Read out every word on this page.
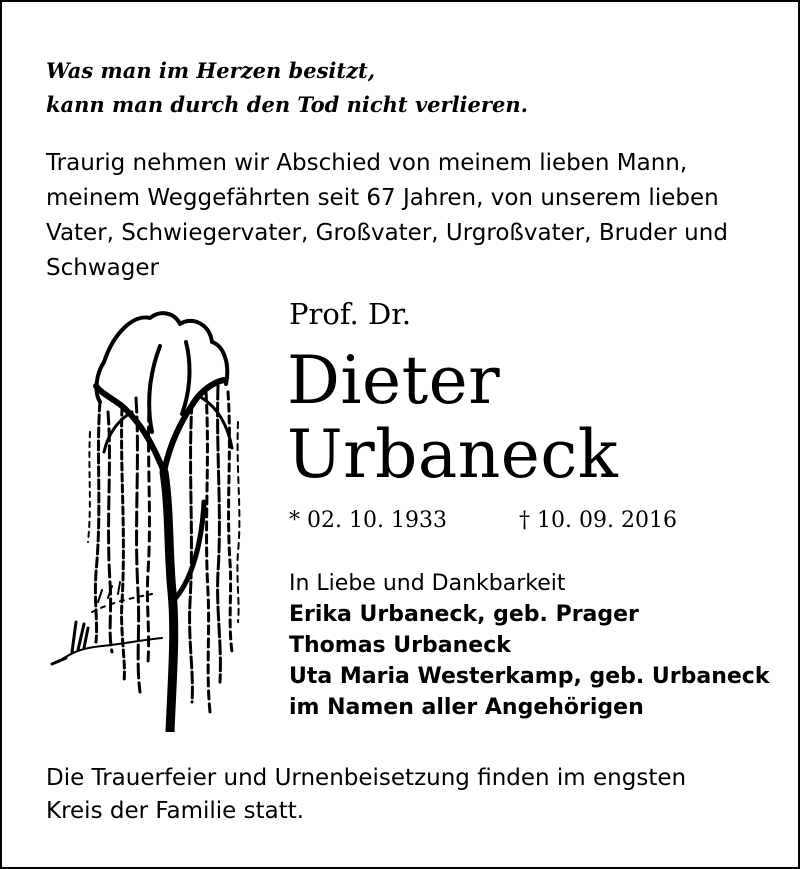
Was man im Herzen besitzt,
kann man durch den Tod nicht verlieren.
Traurig nehmen wir Abschied von meinem lieben Mann,
meinem Weggefährten seit 67 Jahren, von unserem lieben
Vater, Schwiegervater, Großvater, Urgroßvater, Bruder und
Schwager
Prof. Dr.
Dieter
Urbaneck
* 02. 10. 1933	† 10. 09. 2016
In Liebe und Dankbarkeit
Erika Urbaneck, geb. Prager
Thomas Urbaneck
Uta Maria Westerkamp, geb. Urbaneck
im Namen aller Angehörigen
Die Trauerfeier und Urnenbeisetzung finden im engsten
Kreis der Familie statt.
